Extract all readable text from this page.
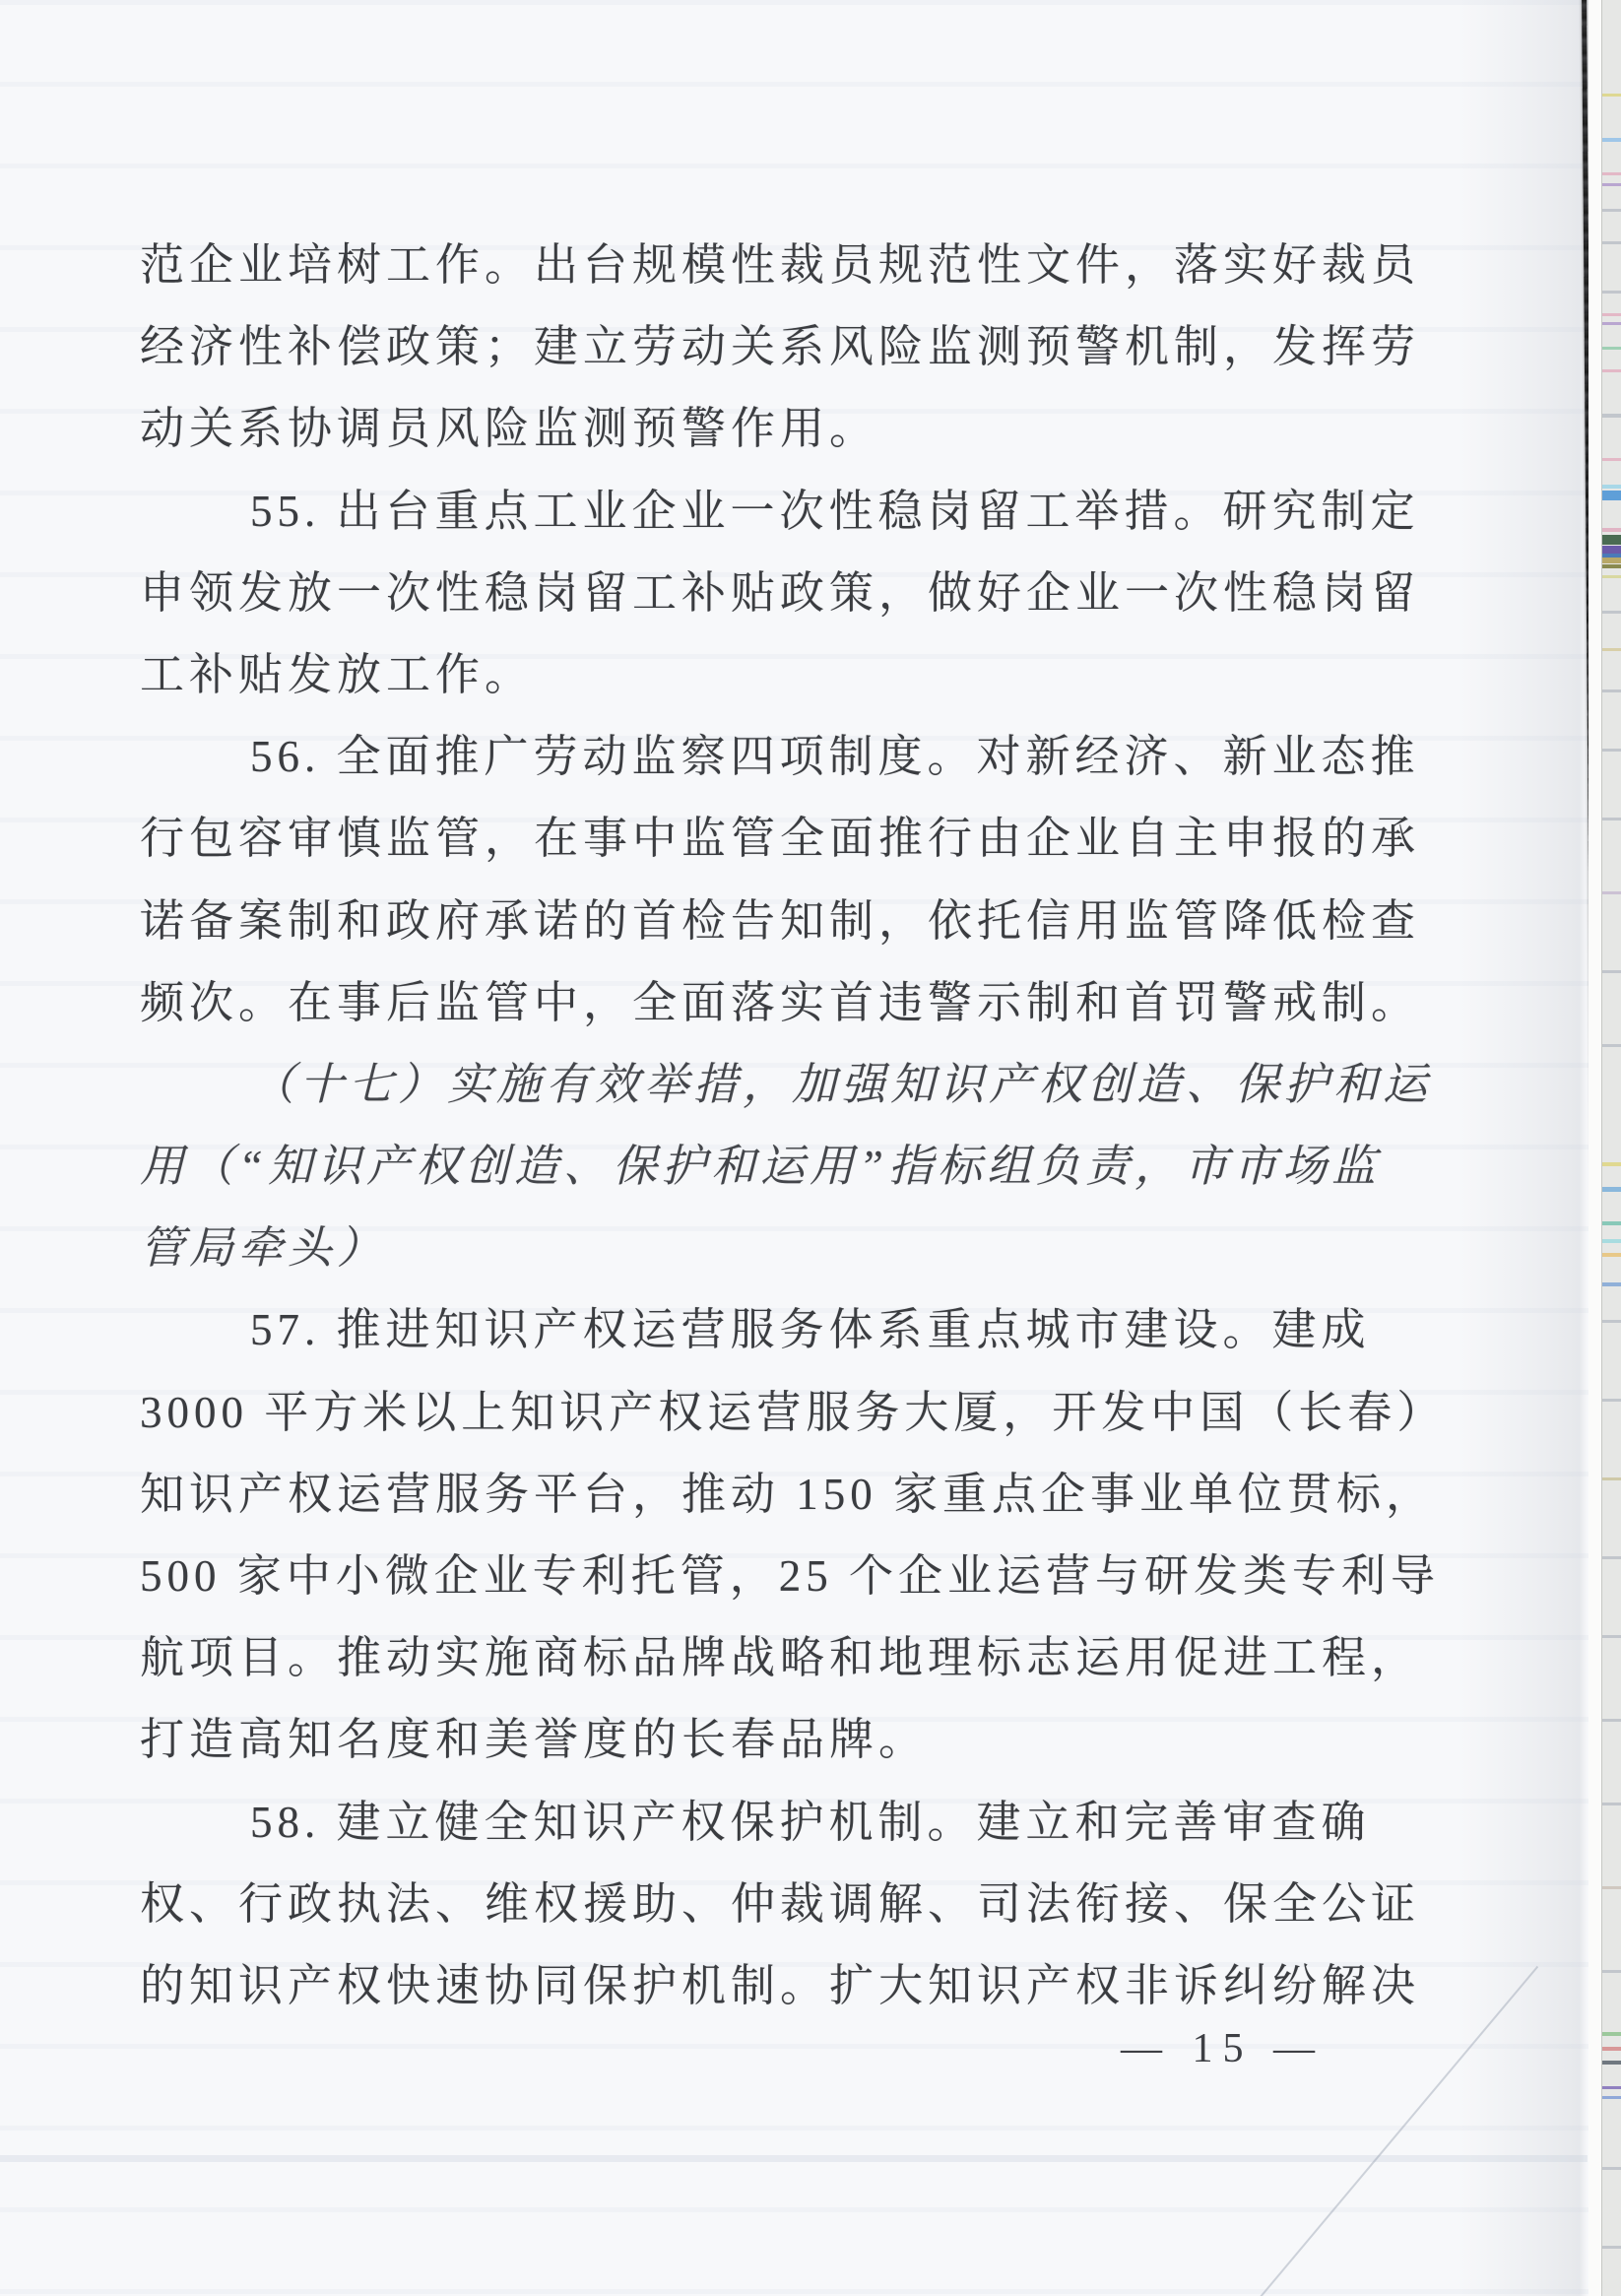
范企业培树工作。出台规模性裁员规范性文件，落实好裁员
经济性补偿政策；建立劳动关系风险监测预警机制，发挥劳
动关系协调员风险监测预警作用。
55. 出台重点工业企业一次性稳岗留工举措。研究制定
申领发放一次性稳岗留工补贴政策，做好企业一次性稳岗留
工补贴发放工作。
56. 全面推广劳动监察四项制度。对新经济、新业态推
行包容审慎监管，在事中监管全面推行由企业自主申报的承
诺备案制和政府承诺的首检告知制，依托信用监管降低检查
频次。在事后监管中，全面落实首违警示制和首罚警戒制。
（十七）实施有效举措，加强知识产权创造、保护和运
用（“知识产权创造、保护和运用”指标组负责，市市场监
管局牵头）
57. 推进知识产权运营服务体系重点城市建设。建成
3000 平方米以上知识产权运营服务大厦，开发中国（长春）
知识产权运营服务平台，推动 150 家重点企事业单位贯标，
500 家中小微企业专利托管，25 个企业运营与研发类专利导
航项目。推动实施商标品牌战略和地理标志运用促进工程，
打造高知名度和美誉度的长春品牌。
58. 建立健全知识产权保护机制。建立和完善审查确
权、行政执法、维权援助、仲裁调解、司法衔接、保全公证
的知识产权快速协同保护机制。扩大知识产权非诉纠纷解决
— 15 —
